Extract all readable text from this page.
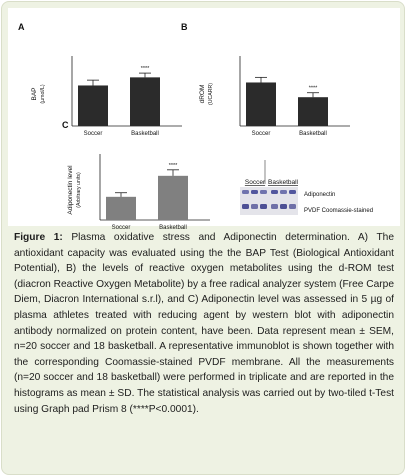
A
BAP (µmol/L)
Soccer	Basketball
****
B
dROM (UCARR)
Soccer	Basketball
****
C
Adiponectin level (Arbitrary units)
Soccer	Basketball
****
Soccer Basketball
Adiponectin
PVDF Coomassie-stained
Figure 1: Plasma oxidative stress and Adiponectin determination. A) The antioxidant capacity was evaluated using the the BAP Test (Biological Antioxidant Potential), B) the levels of reactive oxygen metabolites using the d-ROM test (diacron Reactive Oxygen Metabolite) by a free radical analyzer system (Free Carpe Diem, Diacron International s.r.l), and C) Adiponectin level was assessed in 5 µg of plasma athletes treated with reducing agent by western blot with adiponectin antibody normalized on protein content, have been. Data represent mean ± SEM, n=20 soccer and 18 basketball. A representative immunoblot is shown together with the corresponding Coomassie-stained PVDF membrane. All the measurements (n=20 soccer and 18 basketball) were performed in triplicate and are reported in the histograms as mean ± SD. The statistical analysis was carried out by two-tiled t-Test using Graph pad Prism 8 (****P<0.0001).
